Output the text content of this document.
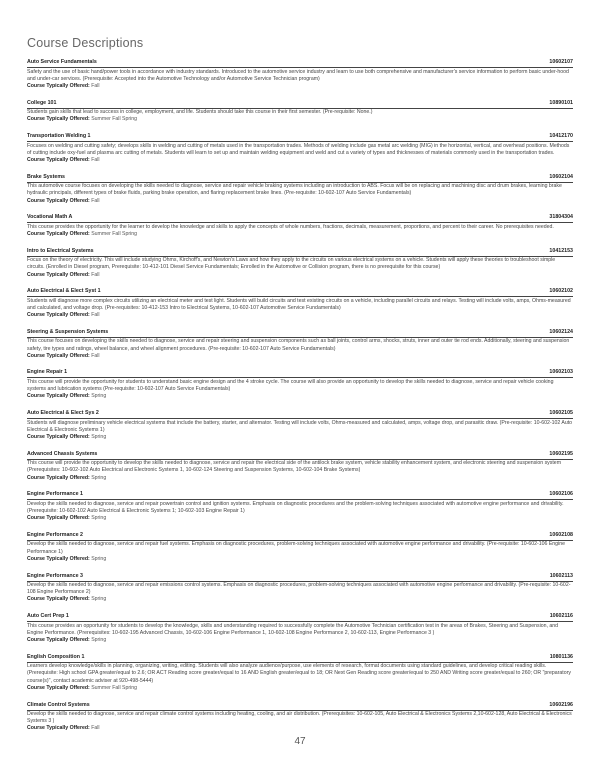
Course Descriptions
Auto Service Fundamentals	10602107
Safety and the use of basic hand/power tools in accordance with industry standards. Introduced to the automotive service industry and learn to use both comprehensive and manufacturer's service information to perform basic under-hood and under-car services. (Prerequisite: Accepted into the Automotive Technology and/or Automotive Service Technician program)
Course Typically Offered: Fall
College 101	10890101
Students gain skills that lead to success in college, employment, and life. Students should take this course in their first semester. (Pre-requisite: None.)
Course Typically Offered: Summer Fall Spring
Transportation Welding 1	10412170
Focuses on welding and cutting safety; develops skills in welding and cutting of metals used in the transportation trades. Methods of welding include gas metal arc welding (MIG) in the horizontal, vertical, and overhead positions. Methods of cutting include oxy-fuel and plasma arc cutting of metals. Students will learn to set up and maintain welding equipment and weld and cut a variety of types and thicknesses of materials commonly used in the transportation trades.
Course Typically Offered: Fall
Brake Systems	10602104
This automotive course focuses on developing the skills needed to diagnose, service and repair vehicle braking systems including an introduction to ABS. Focus will be on replacing and machining disc and drum brakes, learning brake hydraulic principals, different types of brake fluids, parking brake operation, and flaring replacement brake lines. (Pre-requisite: 10-602-107 Auto Service Fundamentals)
Course Typically Offered: Fall
Vocational Math A	31804304
This course provides the opportunity for the learner to develop the knowledge and skills to apply the concepts of whole numbers, fractions, decimals, measurement, proportions, and percent to their career. No prerequisites needed.
Course Typically Offered: Summer Fall Spring
Intro to Electrical Systems	10412153
Focus on the theory of electricity. This will include studying Ohms, Kirchoff's, and Newton's Laws and how they apply to the circuits on various electrical systems on a vehicle. Students will apply these theories to troubleshoot simple circuits. (Enrolled in Diesel program, Prerequisite: 10-412-101 Diesel Service Fundamentals; Enrolled in the Automotive or Collision program, there is no prerequisite for this course)
Course Typically Offered: Fall
Auto Electrical & Elect Syst 1	10602102
Students will diagnose more complex circuits utilizing an electrical meter and test light. Students will build circuits and test existing circuits on a vehicle, including parallel circuits and relays. Testing will include volts, amps, Ohms-measured and calculated, and voltage drop. (Pre-requisites: 10-412-153 Intro to Electrical Systems, 10-602-107 Automotive Service Fundamentals)
Course Typically Offered: Fall
Steering & Suspension Systems	10602124
This course focuses on developing the skills needed to diagnose, service and repair steering and suspension components such as ball joints, control arms, shocks, struts, inner and outer tie rod ends. Additionally, steering and suspension safety, tire types and ratings, wheel balance, and wheel alignment procedures. (Pre-requisite: 10-602-107 Auto Service Fundamentals)
Course Typically Offered: Fall
Engine Repair 1	10602103
This course will provide the opportunity for students to understand basic engine design and the 4 stroke cycle. The course will also provide an opportunity to develop the skills needed to diagnose, service and repair vehicle cooking systems and lubrication systems (Pre-requisite: 10-602-107 Auto Service Fundamentals)
Course Typically Offered: Spring
Auto Electrical & Elect Sys 2	10602105
Students will diagnose preliminary vehicle electrical systems that include the battery, starter, and alternator. Testing will include volts, Ohms-measured and calculated, amps, voltage drop, and parasitic draw. (Pre-requisite: 10-602-102 Auto Electrical & Electronic Systems 1)
Course Typically Offered: Spring
Advanced Chassis Systems	10602195
This course will provide the opportunity to develop the skills needed to diagnose, service and repair the electrical side of the antilock brake system, vehicle stability enhancement system, and electronic steering and suspension system (Prerequisites: 10-602-102 Auto Electrical and Electronic Systems 1, 10-602-124 Steering and Suspension Systems, 10-602-104 Brake Systems)
Course Typically Offered: Spring
Engine Performance 1	10602106
Develop the skills needed to diagnose, service and repair powertrain control and ignition systems. Emphasis on diagnostic procedures and the problem-solving techniques associated with automotive engine performance and drivability. (Prerequisite: 10-602-102 Auto Electrical & Electronic Systems 1; 10-602-103 Engine Repair 1)
Course Typically Offered: Spring
Engine Performance 2	10602108
Develop the skills needed to diagnose, service and repair fuel systems. Emphasis on diagnostic procedures, problem-solving techniques associated with automotive engine performance and drivability. (Pre-requisite: 10-602-106 Engine Performance 1)
Course Typically Offered: Spring
Engine Performance 3	10602113
Develop the skills needed to diagnose, service and repair emissions control systems. Emphasis on diagnostic procedures, problem-solving techniques associated with automotive engine performance and drivability. (Pre-requisite: 10-602-108 Engine Performance 2)
Course Typically Offered: Spring
Auto Cert Prep 1	10602116
This course provides an opportunity for students to develop the knowledge, skills and understanding required to successfully complete the Automotive Technician certification test in the areas of Brakes, Steering and Suspension, and Engine Performance. (Prerequisites: 10-602-195 Advanced Chassis, 10-602-106 Engine Performance 1, 10-602-108 Engine Performance 2, 10-602-113, Engine Performance 3 )
Course Typically Offered: Spring
English Composition 1	10801136
Learners develop knowledge/skills in planning, organizing, writing, editing. Students will also analyze audience/purpose, use elements of research, format documents using standard guidelines, and develop critical reading skills. (Prerequisite: High school GPA greater/equal to 2.6; OR ACT Reading score greater/equal to 16 AND English greater/equal to 18; OR Next Gen Reading score greater/equal to 250 AND Writing score greater/equal to 260; OR "preparatory course(s)", contact academic adviser at 920-498-5444)
Course Typically Offered: Summer Fall Spring
Climate Control Systems	10602196
Develop the skills needed to diagnose, service and repair climate control systems including heating, cooling, and air distribution. (Prerequisites: 10-602-105, Auto Electrical & Electronics Systems 2,10-602-128, Auto Electrical & Electronics Systems 3 )
Course Typically Offered: Fall
47
